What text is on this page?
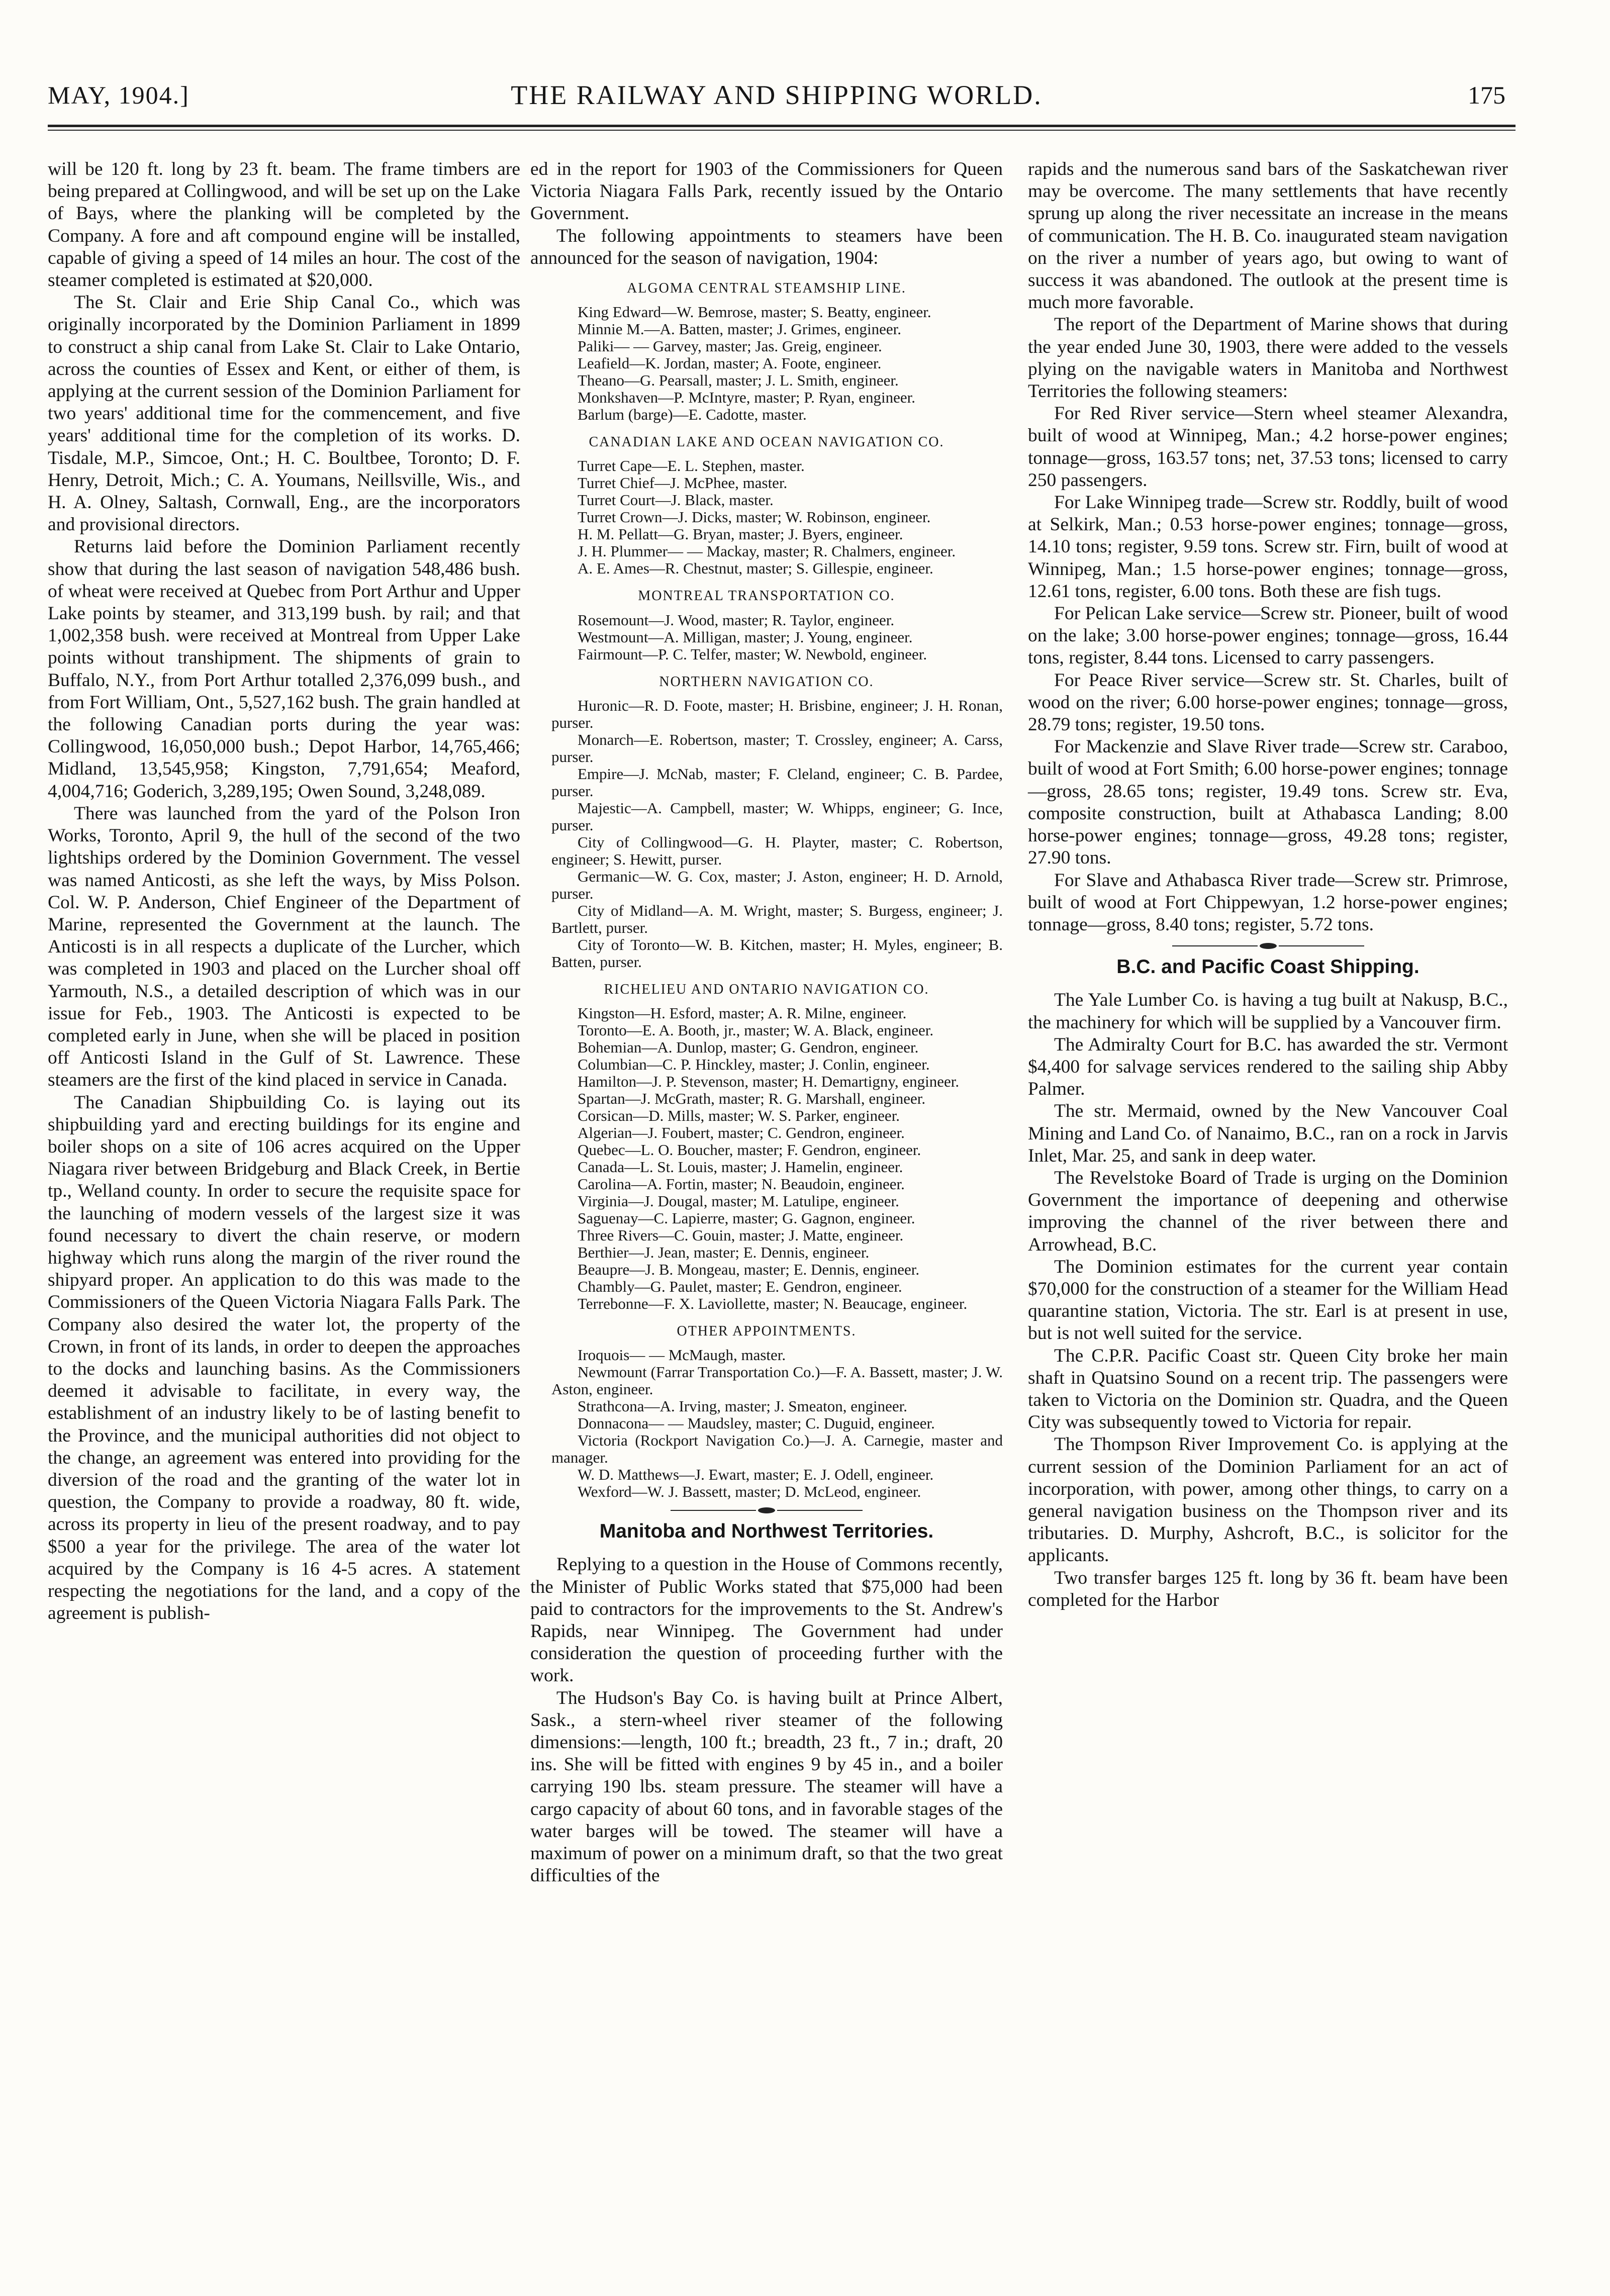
MAY, 1904.]	THE RAILWAY AND SHIPPING WORLD.	175

will be 120 ft. long by 23 ft. beam. The frame timbers are being prepared at Collingwood, and will be set up on the Lake of Bays, where the planking will be completed by the Company. A fore and aft compound engine will be installed, capable of giving a speed of 14 miles an hour. The cost of the steamer completed is estimated at $20,000.

The St. Clair and Erie Ship Canal Co., which was originally incorporated by the Dominion Parliament in 1899 to construct a ship canal from Lake St. Clair to Lake Ontario, across the counties of Essex and Kent, or either of them, is applying at the current session of the Dominion Parliament for two years' additional time for the commencement, and five years' additional time for the completion of its works. D. Tisdale, M.P., Simcoe, Ont.; H. C. Boultbee, Toronto; D. F. Henry, Detroit, Mich.; C. A. Youmans, Neillsville, Wis., and H. A. Olney, Saltash, Cornwall, Eng., are the incorporators and provisional directors.

Returns laid before the Dominion Parliament recently show that during the last season of navigation 548,486 bush. of wheat were received at Quebec from Port Arthur and Upper Lake points by steamer, and 313,199 bush. by rail; and that 1,002,358 bush. were received at Montreal from Upper Lake points without transhipment. The shipments of grain to Buffalo, N.Y., from Port Arthur totalled 2,376,099 bush., and from Fort William, Ont., 5,527,162 bush. The grain handled at the following Canadian ports during the year was: Collingwood, 16,050,000 bush.; Depot Harbor, 14,765,466; Midland, 13,545,958; Kingston, 7,791,654; Meaford, 4,004,716; Goderich, 3,289,195; Owen Sound, 3,248,089.

There was launched from the yard of the Polson Iron Works, Toronto, April 9, the hull of the second of the two lightships ordered by the Dominion Government. The vessel was named Anticosti, as she left the ways, by Miss Polson. Col. W. P. Anderson, Chief Engineer of the Department of Marine, represented the Government at the launch. The Anticosti is in all respects a duplicate of the Lurcher, which was completed in 1903 and placed on the Lurcher shoal off Yarmouth, N.S., a detailed description of which was in our issue for Feb., 1903. The Anticosti is expected to be completed early in June, when she will be placed in position off Anticosti Island in the Gulf of St. Lawrence. These steamers are the first of the kind placed in service in Canada.

The Canadian Shipbuilding Co. is laying out its shipbuilding yard and erecting buildings for its engine and boiler shops on a site of 106 acres acquired on the Upper Niagara river between Bridgeburg and Black Creek, in Bertie tp., Welland county. In order to secure the requisite space for the launching of modern vessels of the largest size it was found necessary to divert the chain reserve, or modern highway which runs along the margin of the river round the shipyard proper. An application to do this was made to the Commissioners of the Queen Victoria Niagara Falls Park. The Company also desired the water lot, the property of the Crown, in front of its lands, in order to deepen the approaches to the docks and launching basins. As the Commissioners deemed it advisable to facilitate, in every way, the establishment of an industry likely to be of lasting benefit to the Province, and the municipal authorities did not object to the change, an agreement was entered into providing for the diversion of the road and the granting of the water lot in question, the Company to provide a roadway, 80 ft. wide, across its property in lieu of the present roadway, and to pay $500 a year for the privilege. The area of the water lot acquired by the Company is 16 4-5 acres. A statement respecting the negotiations for the land, and a copy of the agreement is publish-

ed in the report for 1903 of the Commissioners for Queen Victoria Niagara Falls Park, recently issued by the Ontario Government.

The following appointments to steamers have been announced for the season of navigation, 1904:

ALGOMA CENTRAL STEAMSHIP LINE.

King Edward—W. Bemrose, master; S. Beatty, engineer.

Minnie M.—A. Batten, master; J. Grimes, engineer.

Paliki— — Garvey, master; Jas. Greig, engineer.

Leafield—K. Jordan, master; A. Foote, engineer.

Theano—G. Pearsall, master; J. L. Smith, engineer.

Monkshaven—P. McIntyre, master; P. Ryan, engineer.

Barlum (barge)—E. Cadotte, master.

CANADIAN LAKE AND OCEAN NAVIGATION CO.

Turret Cape—E. L. Stephen, master.

Turret Chief—J. McPhee, master.

Turret Court—J. Black, master.

Turret Crown—J. Dicks, master; W. Robinson, engineer.

H. M. Pellatt—G. Bryan, master; J. Byers, engineer.

J. H. Plummer— — Mackay, master; R. Chalmers, engineer.

A. E. Ames—R. Chestnut, master; S. Gillespie, engineer.

MONTREAL TRANSPORTATION CO.

Rosemount—J. Wood, master; R. Taylor, engineer.

Westmount—A. Milligan, master; J. Young, engineer.

Fairmount—P. C. Telfer, master; W. Newbold, engineer.

NORTHERN NAVIGATION CO.

Huronic—R. D. Foote, master; H. Brisbine, engineer; J. H. Ronan, purser.

Monarch—E. Robertson, master; T. Crossley, engineer; A. Carss, purser.

Empire—J. McNab, master; F. Cleland, engineer; C. B. Pardee, purser.

Majestic—A. Campbell, master; W. Whipps, engineer; G. Ince, purser.

City of Collingwood—G. H. Playter, master; C. Robertson, engineer; S. Hewitt, purser.

Germanic—W. G. Cox, master; J. Aston, engineer; H. D. Arnold, purser.

City of Midland—A. M. Wright, master; S. Burgess, engineer; J. Bartlett, purser.

City of Toronto—W. B. Kitchen, master; H. Myles, engineer; B. Batten, purser.

RICHELIEU AND ONTARIO NAVIGATION CO.

Kingston—H. Esford, master; A. R. Milne, engineer.

Toronto—E. A. Booth, jr., master; W. A. Black, engineer.

Bohemian—A. Dunlop, master; G. Gendron, engineer.

Columbian—C. P. Hinckley, master; J. Conlin, engineer.

Hamilton—J. P. Stevenson, master; H. Demartigny, engineer.

Spartan—J. McGrath, master; R. G. Marshall, engineer.

Corsican—D. Mills, master; W. S. Parker, engineer.

Algerian—J. Foubert, master; C. Gendron, engineer.

Quebec—L. O. Boucher, master; F. Gendron, engineer.

Canada—L. St. Louis, master; J. Hamelin, engineer.

Carolina—A. Fortin, master; N. Beaudoin, engineer.

Virginia—J. Dougal, master; M. Latulipe, engineer.

Saguenay—C. Lapierre, master; G. Gagnon, engineer.

Three Rivers—C. Gouin, master; J. Matte, engineer.

Berthier—J. Jean, master; E. Dennis, engineer.

Beaupre—J. B. Mongeau, master; E. Dennis, engineer.

Chambly—G. Paulet, master; E. Gendron, engineer.

Terrebonne—F. X. Laviollette, master; N. Beaucage, engineer.

OTHER APPOINTMENTS.

Iroquois— — McMaugh, master.

Newmount (Farrar Transportation Co.)—F. A. Bassett, master; J. W. Aston, engineer.

Strathcona—A. Irving, master; J. Smeaton, engineer.

Donnacona— — Maudsley, master; C. Duguid, engineer.

Victoria (Rockport Navigation Co.)—J. A. Carnegie, master and manager.

W. D. Matthews—J. Ewart, master; E. J. Odell, engineer.

Wexford—W. J. Bassett, master; D. McLeod, engineer.

Manitoba and Northwest Territories.

Replying to a question in the House of Commons recently, the Minister of Public Works stated that $75,000 had been paid to contractors for the improvements to the St. Andrew's Rapids, near Winnipeg. The Government had under consideration the question of proceeding further with the work.

The Hudson's Bay Co. is having built at Prince Albert, Sask., a stern-wheel river steamer of the following dimensions:—length, 100 ft.; breadth, 23 ft., 7 in.; draft, 20 ins. She will be fitted with engines 9 by 45 in., and a boiler carrying 190 lbs. steam pressure. The steamer will have a cargo capacity of about 60 tons, and in favorable stages of the water barges will be towed. The steamer will have a maximum of power on a minimum draft, so that the two great difficulties of the

rapids and the numerous sand bars of the Saskatchewan river may be overcome. The many settlements that have recently sprung up along the river necessitate an increase in the means of communication. The H. B. Co. inaugurated steam navigation on the river a number of years ago, but owing to want of success it was abandoned. The outlook at the present time is much more favorable.

The report of the Department of Marine shows that during the year ended June 30, 1903, there were added to the vessels plying on the navigable waters in Manitoba and Northwest Territories the following steamers:

For Red River service—Stern wheel steamer Alexandra, built of wood at Winnipeg, Man.; 4.2 horse-power engines; tonnage—gross, 163.57 tons; net, 37.53 tons; licensed to carry 250 passengers.

For Lake Winnipeg trade—Screw str. Roddly, built of wood at Selkirk, Man.; 0.53 horse-power engines; tonnage—gross, 14.10 tons; register, 9.59 tons. Screw str. Firn, built of wood at Winnipeg, Man.; 1.5 horse-power engines; tonnage—gross, 12.61 tons, register, 6.00 tons. Both these are fish tugs.

For Pelican Lake service—Screw str. Pioneer, built of wood on the lake; 3.00 horse-power engines; tonnage—gross, 16.44 tons, register, 8.44 tons. Licensed to carry passengers.

For Peace River service—Screw str. St. Charles, built of wood on the river; 6.00 horse-power engines; tonnage—gross, 28.79 tons; register, 19.50 tons.

For Mackenzie and Slave River trade—Screw str. Caraboo, built of wood at Fort Smith; 6.00 horse-power engines; tonnage—gross, 28.65 tons; register, 19.49 tons. Screw str. Eva, composite construction, built at Athabasca Landing; 8.00 horse-power engines; tonnage—gross, 49.28 tons; register, 27.90 tons.

For Slave and Athabasca River trade—Screw str. Primrose, built of wood at Fort Chippewyan, 1.2 horse-power engines; tonnage—gross, 8.40 tons; register, 5.72 tons.

B.C. and Pacific Coast Shipping.

The Yale Lumber Co. is having a tug built at Nakusp, B.C., the machinery for which will be supplied by a Vancouver firm.

The Admiralty Court for B.C. has awarded the str. Vermont $4,400 for salvage services rendered to the sailing ship Abby Palmer.

The str. Mermaid, owned by the New Vancouver Coal Mining and Land Co. of Nanaimo, B.C., ran on a rock in Jarvis Inlet, Mar. 25, and sank in deep water.

The Revelstoke Board of Trade is urging on the Dominion Government the importance of deepening and otherwise improving the channel of the river between there and Arrowhead, B.C.

The Dominion estimates for the current year contain $70,000 for the construction of a steamer for the William Head quarantine station, Victoria. The str. Earl is at present in use, but is not well suited for the service.

The C.P.R. Pacific Coast str. Queen City broke her main shaft in Quatsino Sound on a recent trip. The passengers were taken to Victoria on the Dominion str. Quadra, and the Queen City was subsequently towed to Victoria for repair.

The Thompson River Improvement Co. is applying at the current session of the Dominion Parliament for an act of incorporation, with power, among other things, to carry on a general navigation business on the Thompson river and its tributaries. D. Murphy, Ashcroft, B.C., is solicitor for the applicants.

Two transfer barges 125 ft. long by 36 ft. beam have been completed for the Harbor
